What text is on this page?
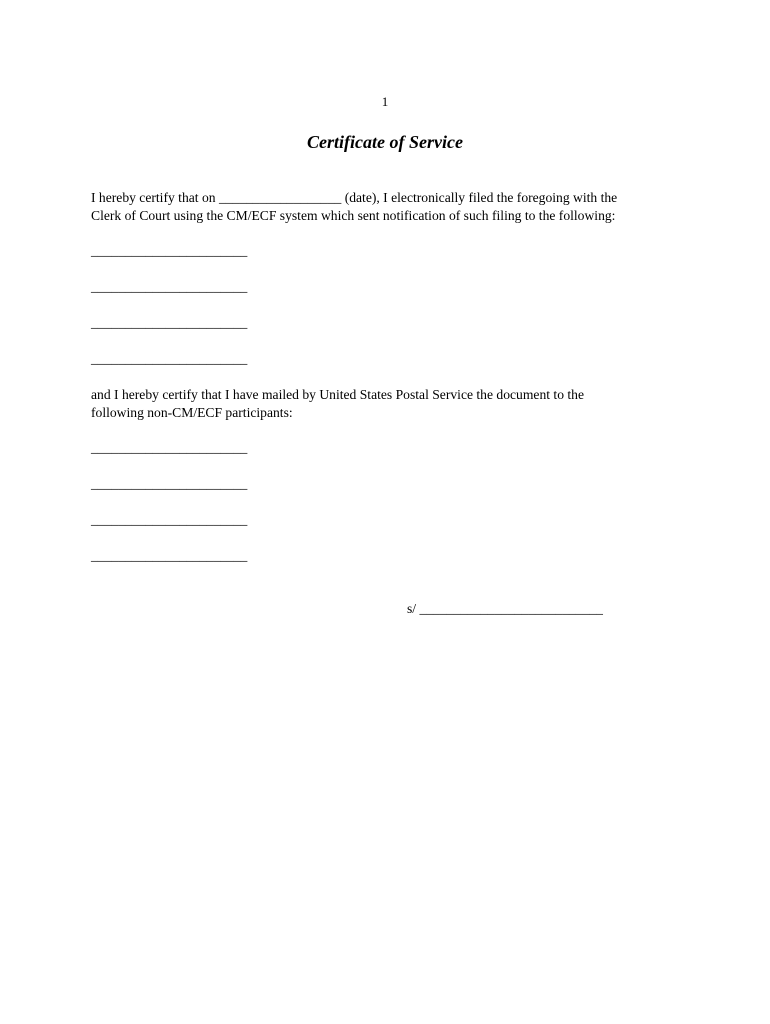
1
Certificate of Service
I hereby certify that on __________________ (date), I electronically filed the foregoing with the
Clerk of Court using the CM/ECF system which sent notification of such filing to the following:
_______________________
_______________________
_______________________
_______________________
and I hereby certify that I have mailed by United States Postal Service the document to the
following non-CM/ECF participants:
_______________________
_______________________
_______________________
_______________________
s/ ___________________________
